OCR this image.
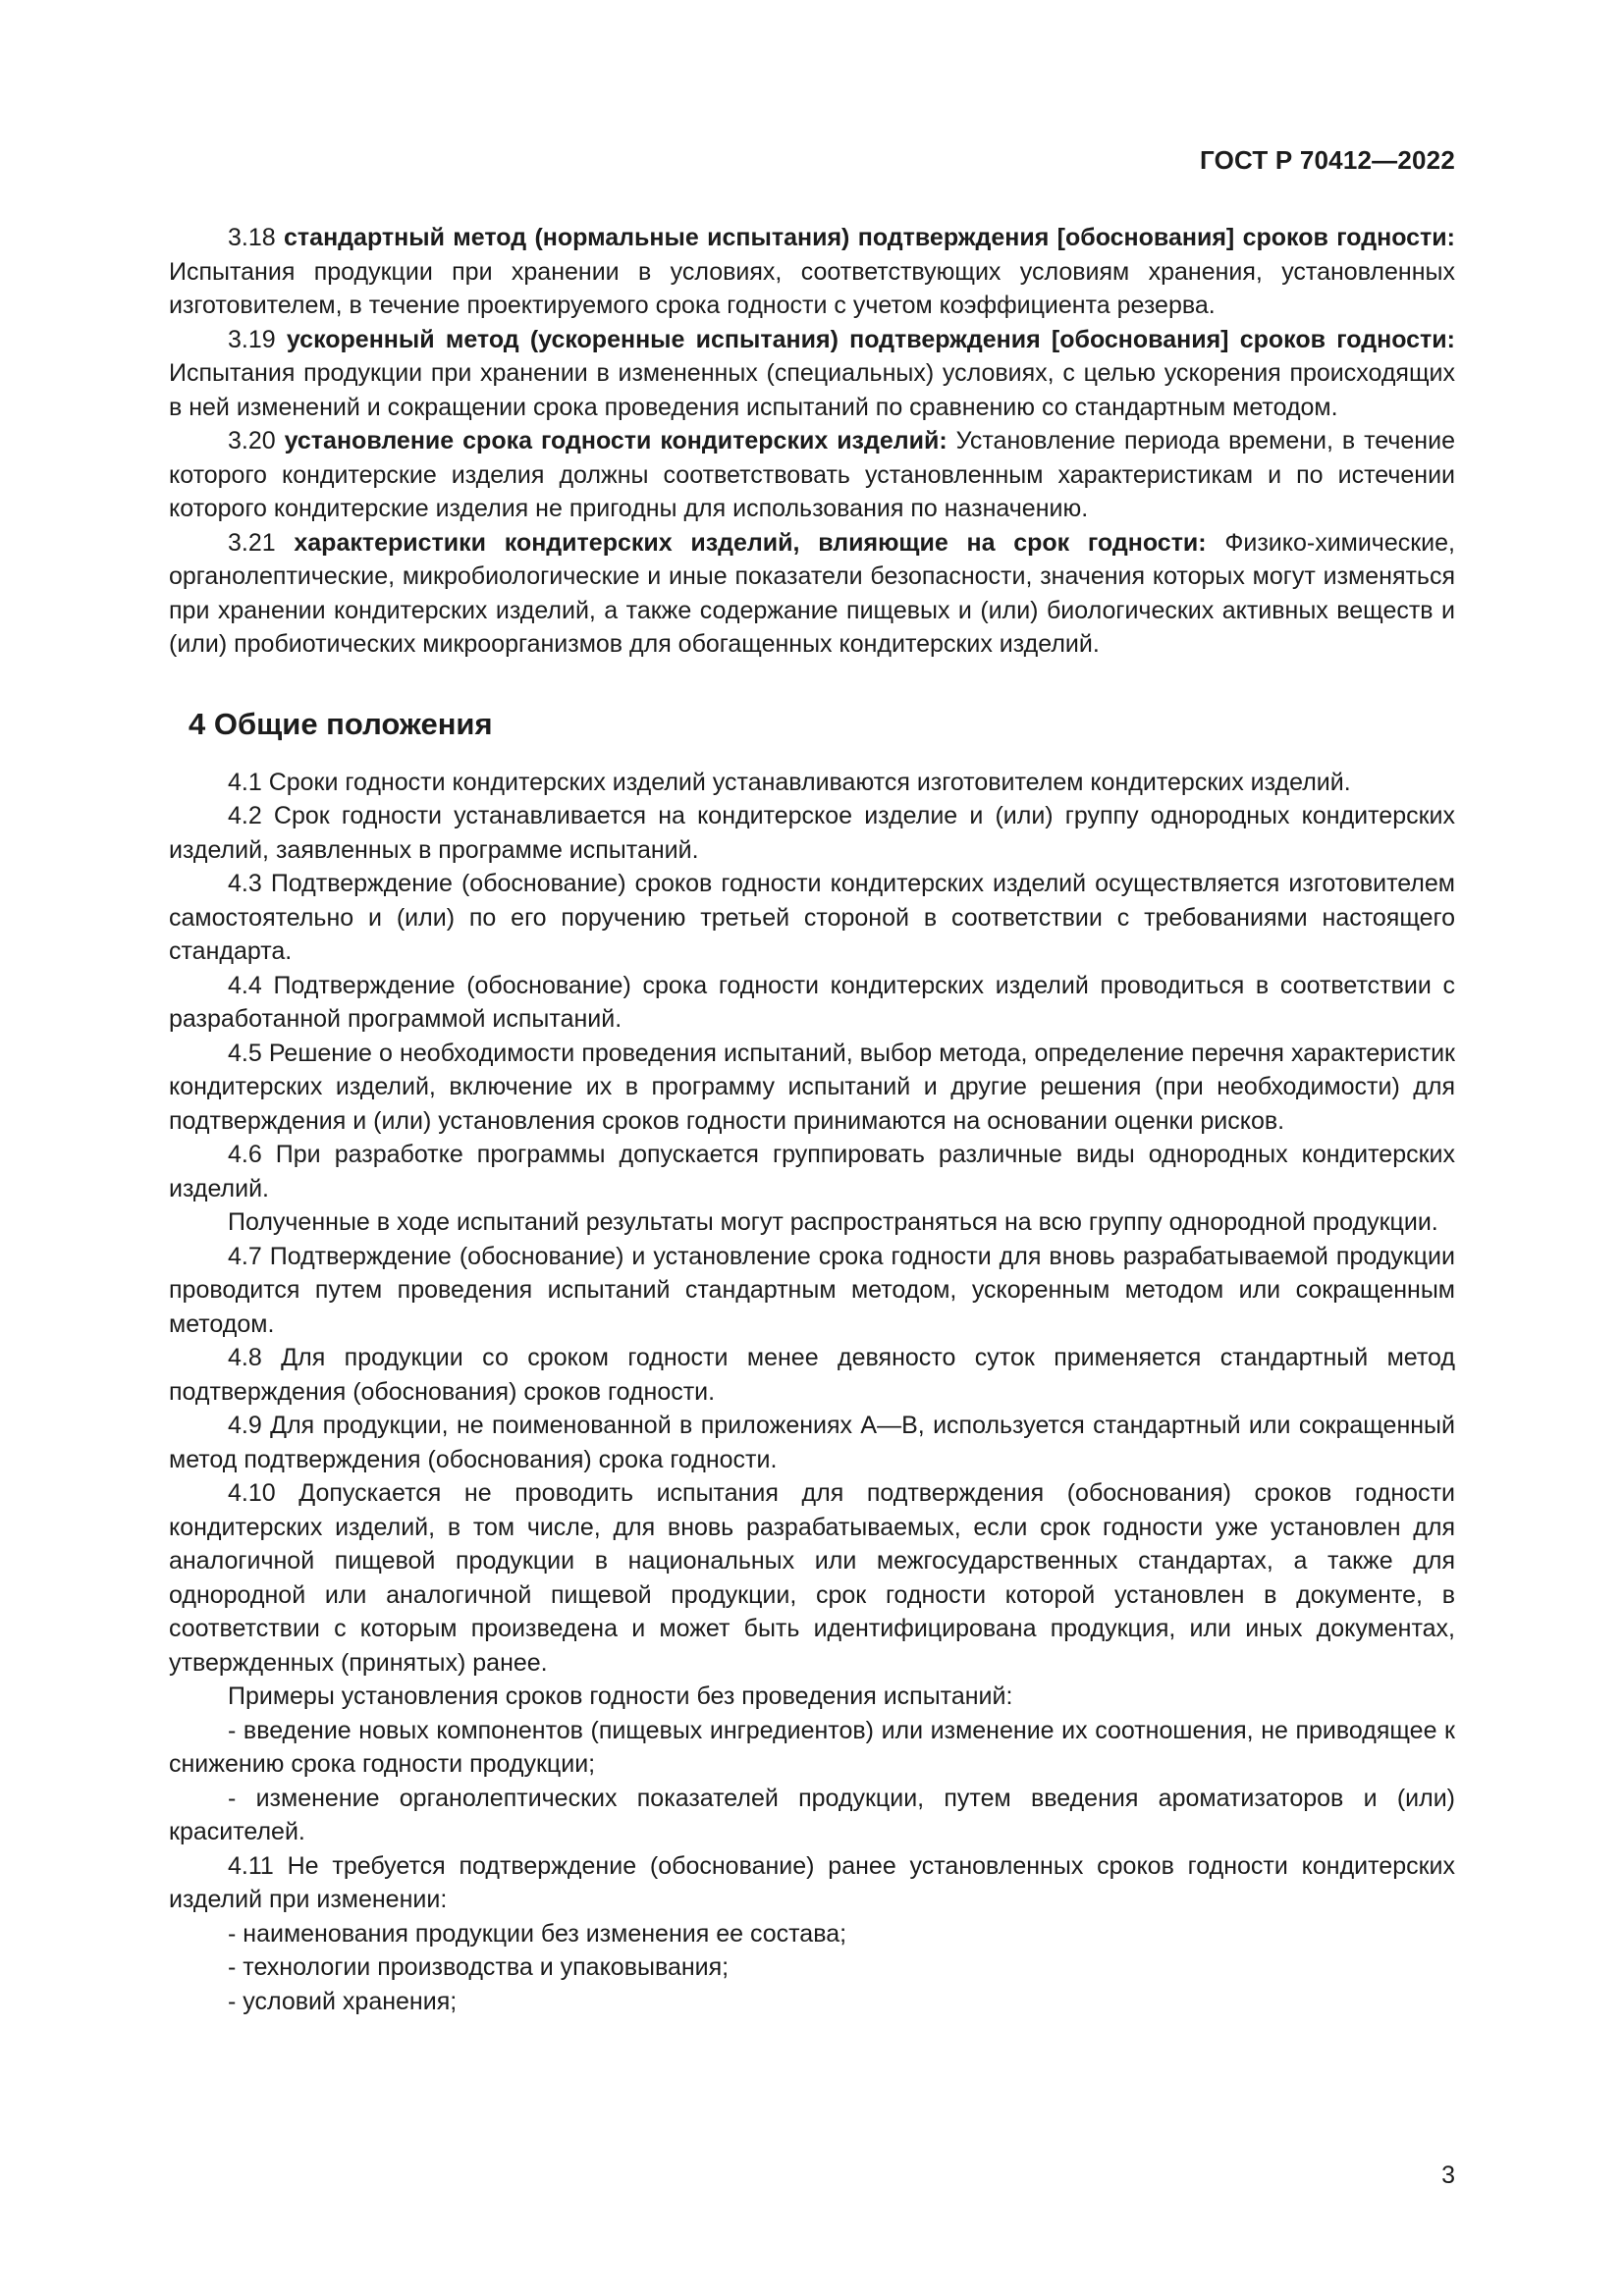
ГОСТ Р 70412—2022

3.18 стандартный метод (нормальные испытания) подтверждения [обоснования] сроков годности: Испытания продукции при хранении в условиях, соответствующих условиям хранения, установленных изготовителем, в течение проектируемого срока годности с учетом коэффициента резерва.

3.19 ускоренный метод (ускоренные испытания) подтверждения [обоснования] сроков годности: Испытания продукции при хранении в измененных (специальных) условиях, с целью ускорения происходящих в ней изменений и сокращении срока проведения испытаний по сравнению со стандартным методом.

3.20 установление срока годности кондитерских изделий: Установление периода времени, в течение которого кондитерские изделия должны соответствовать установленным характеристикам и по истечении которого кондитерские изделия не пригодны для использования по назначению.

3.21 характеристики кондитерских изделий, влияющие на срок годности: Физико-химические, органолептические, микробиологические и иные показатели безопасности, значения которых могут изменяться при хранении кондитерских изделий, а также содержание пищевых и (или) биологических активных веществ и (или) пробиотических микроорганизмов для обогащенных кондитерских изделий.

4 Общие положения

4.1 Сроки годности кондитерских изделий устанавливаются изготовителем кондитерских изделий.

4.2 Срок годности устанавливается на кондитерское изделие и (или) группу однородных кондитерских изделий, заявленных в программе испытаний.

4.3 Подтверждение (обоснование) сроков годности кондитерских изделий осуществляется изготовителем самостоятельно и (или) по его поручению третьей стороной в соответствии с требованиями настоящего стандарта.

4.4 Подтверждение (обоснование) срока годности кондитерских изделий проводиться в соответствии с разработанной программой испытаний.

4.5 Решение о необходимости проведения испытаний, выбор метода, определение перечня характеристик кондитерских изделий, включение их в программу испытаний и другие решения (при необходимости) для подтверждения и (или) установления сроков годности принимаются на основании оценки рисков.

4.6 При разработке программы допускается группировать различные виды однородных кондитерских изделий.

Полученные в ходе испытаний результаты могут распространяться на всю группу однородной продукции.

4.7 Подтверждение (обоснование) и установление срока годности для вновь разрабатываемой продукции проводится путем проведения испытаний стандартным методом, ускоренным методом или сокращенным методом.

4.8 Для продукции со сроком годности менее девяносто суток применяется стандартный метод подтверждения (обоснования) сроков годности.

4.9 Для продукции, не поименованной в приложениях А—В, используется стандартный или сокращенный метод подтверждения (обоснования) срока годности.

4.10 Допускается не проводить испытания для подтверждения (обоснования) сроков годности кондитерских изделий, в том числе, для вновь разрабатываемых, если срок годности уже установлен для аналогичной пищевой продукции в национальных или межгосударственных стандартах, а также для однородной или аналогичной пищевой продукции, срок годности которой установлен в документе, в соответствии с которым произведена и может быть идентифицирована продукция, или иных документах, утвержденных (принятых) ранее.

Примеры установления сроков годности без проведения испытаний:

- введение новых компонентов (пищевых ингредиентов) или изменение их соотношения, не приводящее к снижению срока годности продукции;

- изменение органолептических показателей продукции, путем введения ароматизаторов и (или) красителей.

4.11 Не требуется подтверждение (обоснование) ранее установленных сроков годности кондитерских изделий при изменении:

- наименования продукции без изменения ее состава;

- технологии производства и упаковывания;

- условий хранения;

3
